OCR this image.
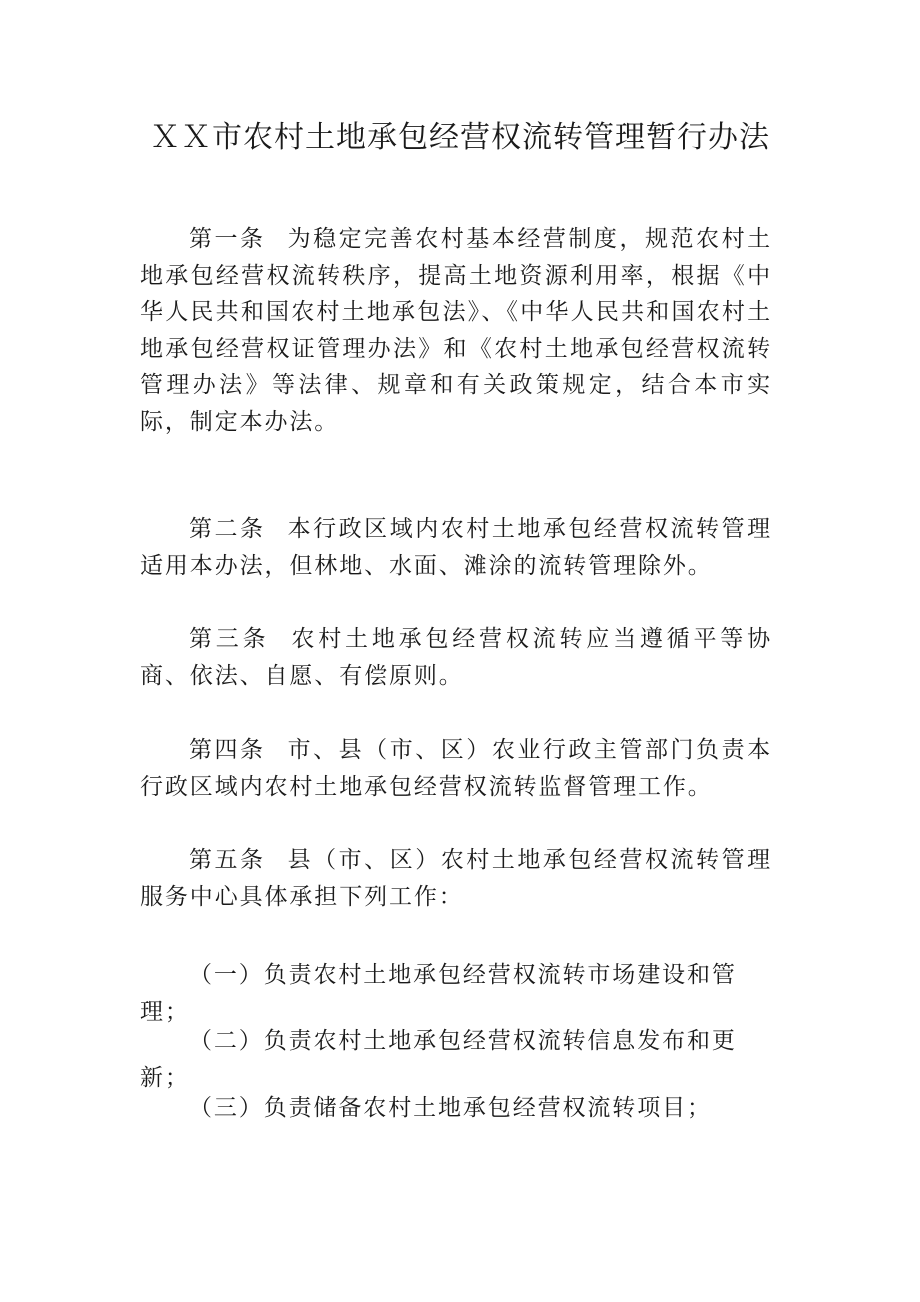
ＸＸ市农村土地承包经营权流转管理暂行办法

第一条 为稳定完善农村基本经营制度，规范农村土地承包经营权流转秩序，提高土地资源利用率，根据《中华人民共和国农村土地承包法》、《中华人民共和国农村土地承包经营权证管理办法》和《农村土地承包经营权流转管理办法》等法律、规章和有关政策规定，结合本市实际，制定本办法。

第二条 本行政区域内农村土地承包经营权流转管理适用本办法，但林地、水面、滩涂的流转管理除外。

第三条 农村土地承包经营权流转应当遵循平等协商、依法、自愿、有偿原则。

第四条 市、县（市、区）农业行政主管部门负责本行政区域内农村土地承包经营权流转监督管理工作。

第五条 县（市、区）农村土地承包经营权流转管理服务中心具体承担下列工作：

（一）负责农村土地承包经营权流转市场建设和管理；

（二）负责农村土地承包经营权流转信息发布和更新；

（三）负责储备农村土地承包经营权流转项目；
